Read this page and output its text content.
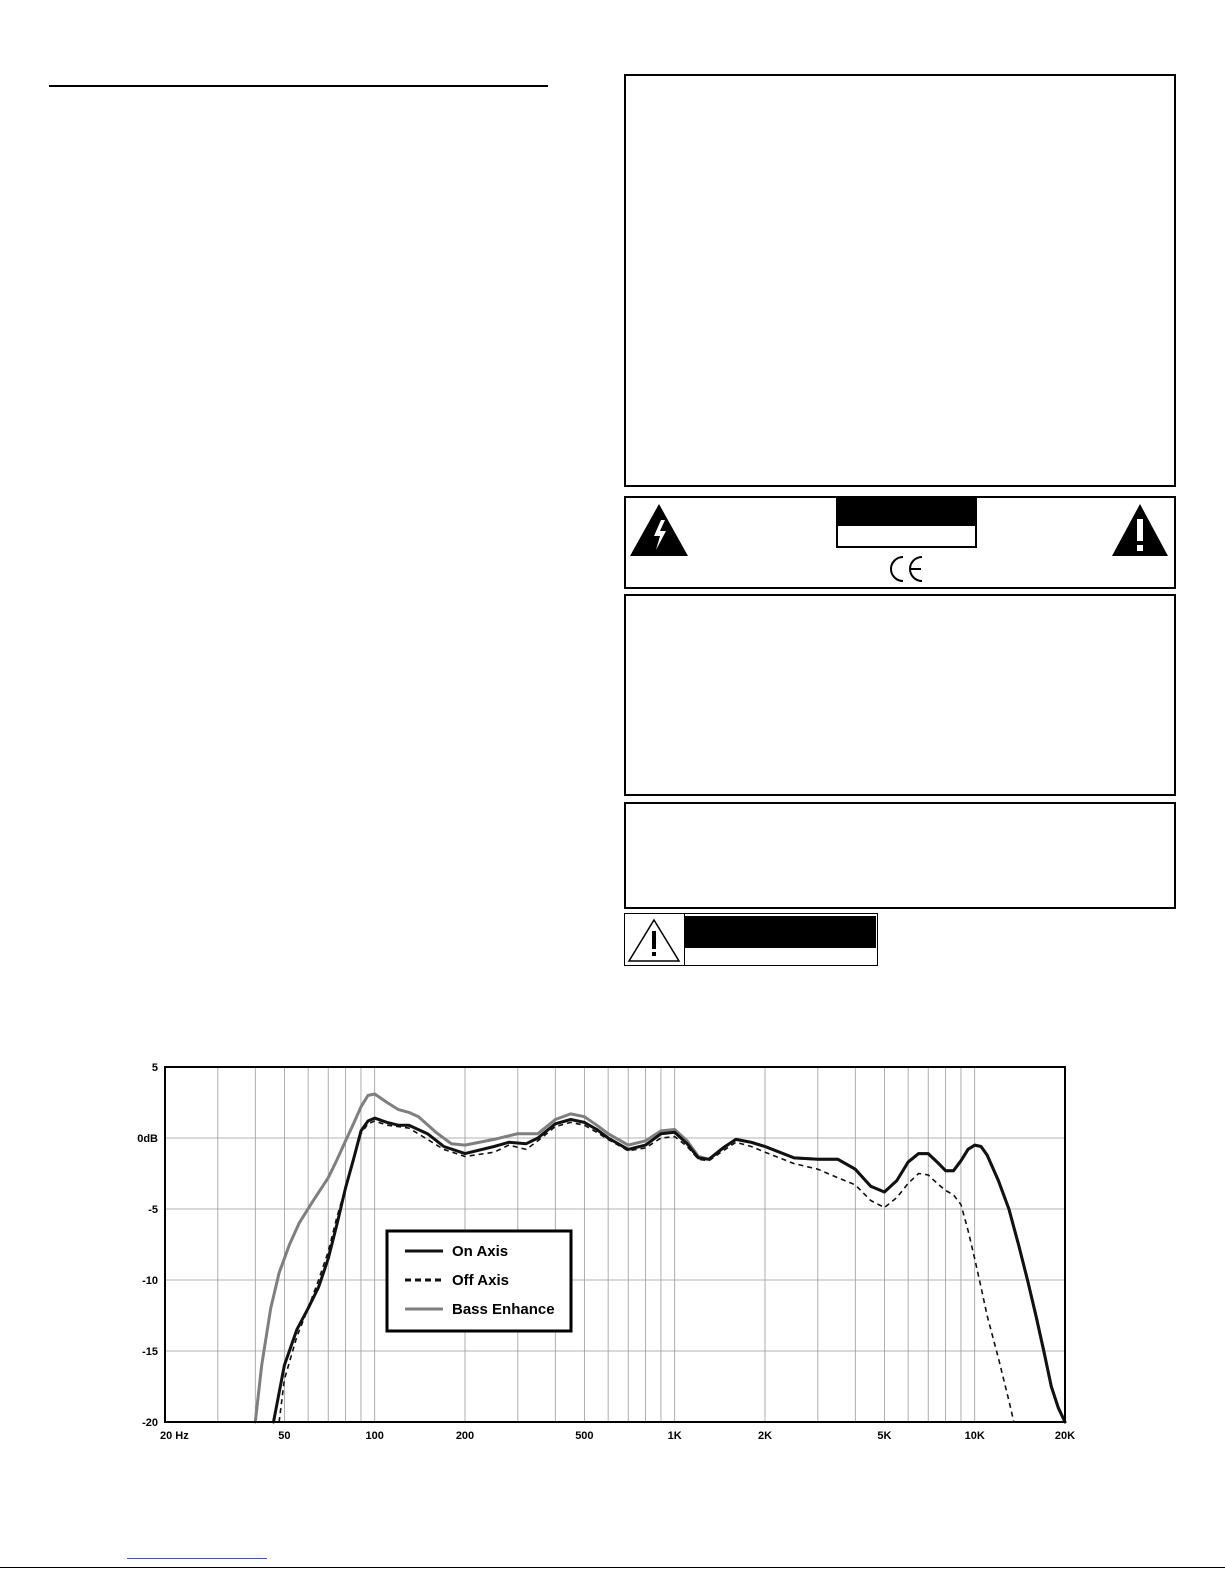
5
0dB
-5
-10
-15
-20
20 Hz	50	100	200	500	1K	2K	5K	10K	20K
On Axis
Off Axis
Bass Enhance
